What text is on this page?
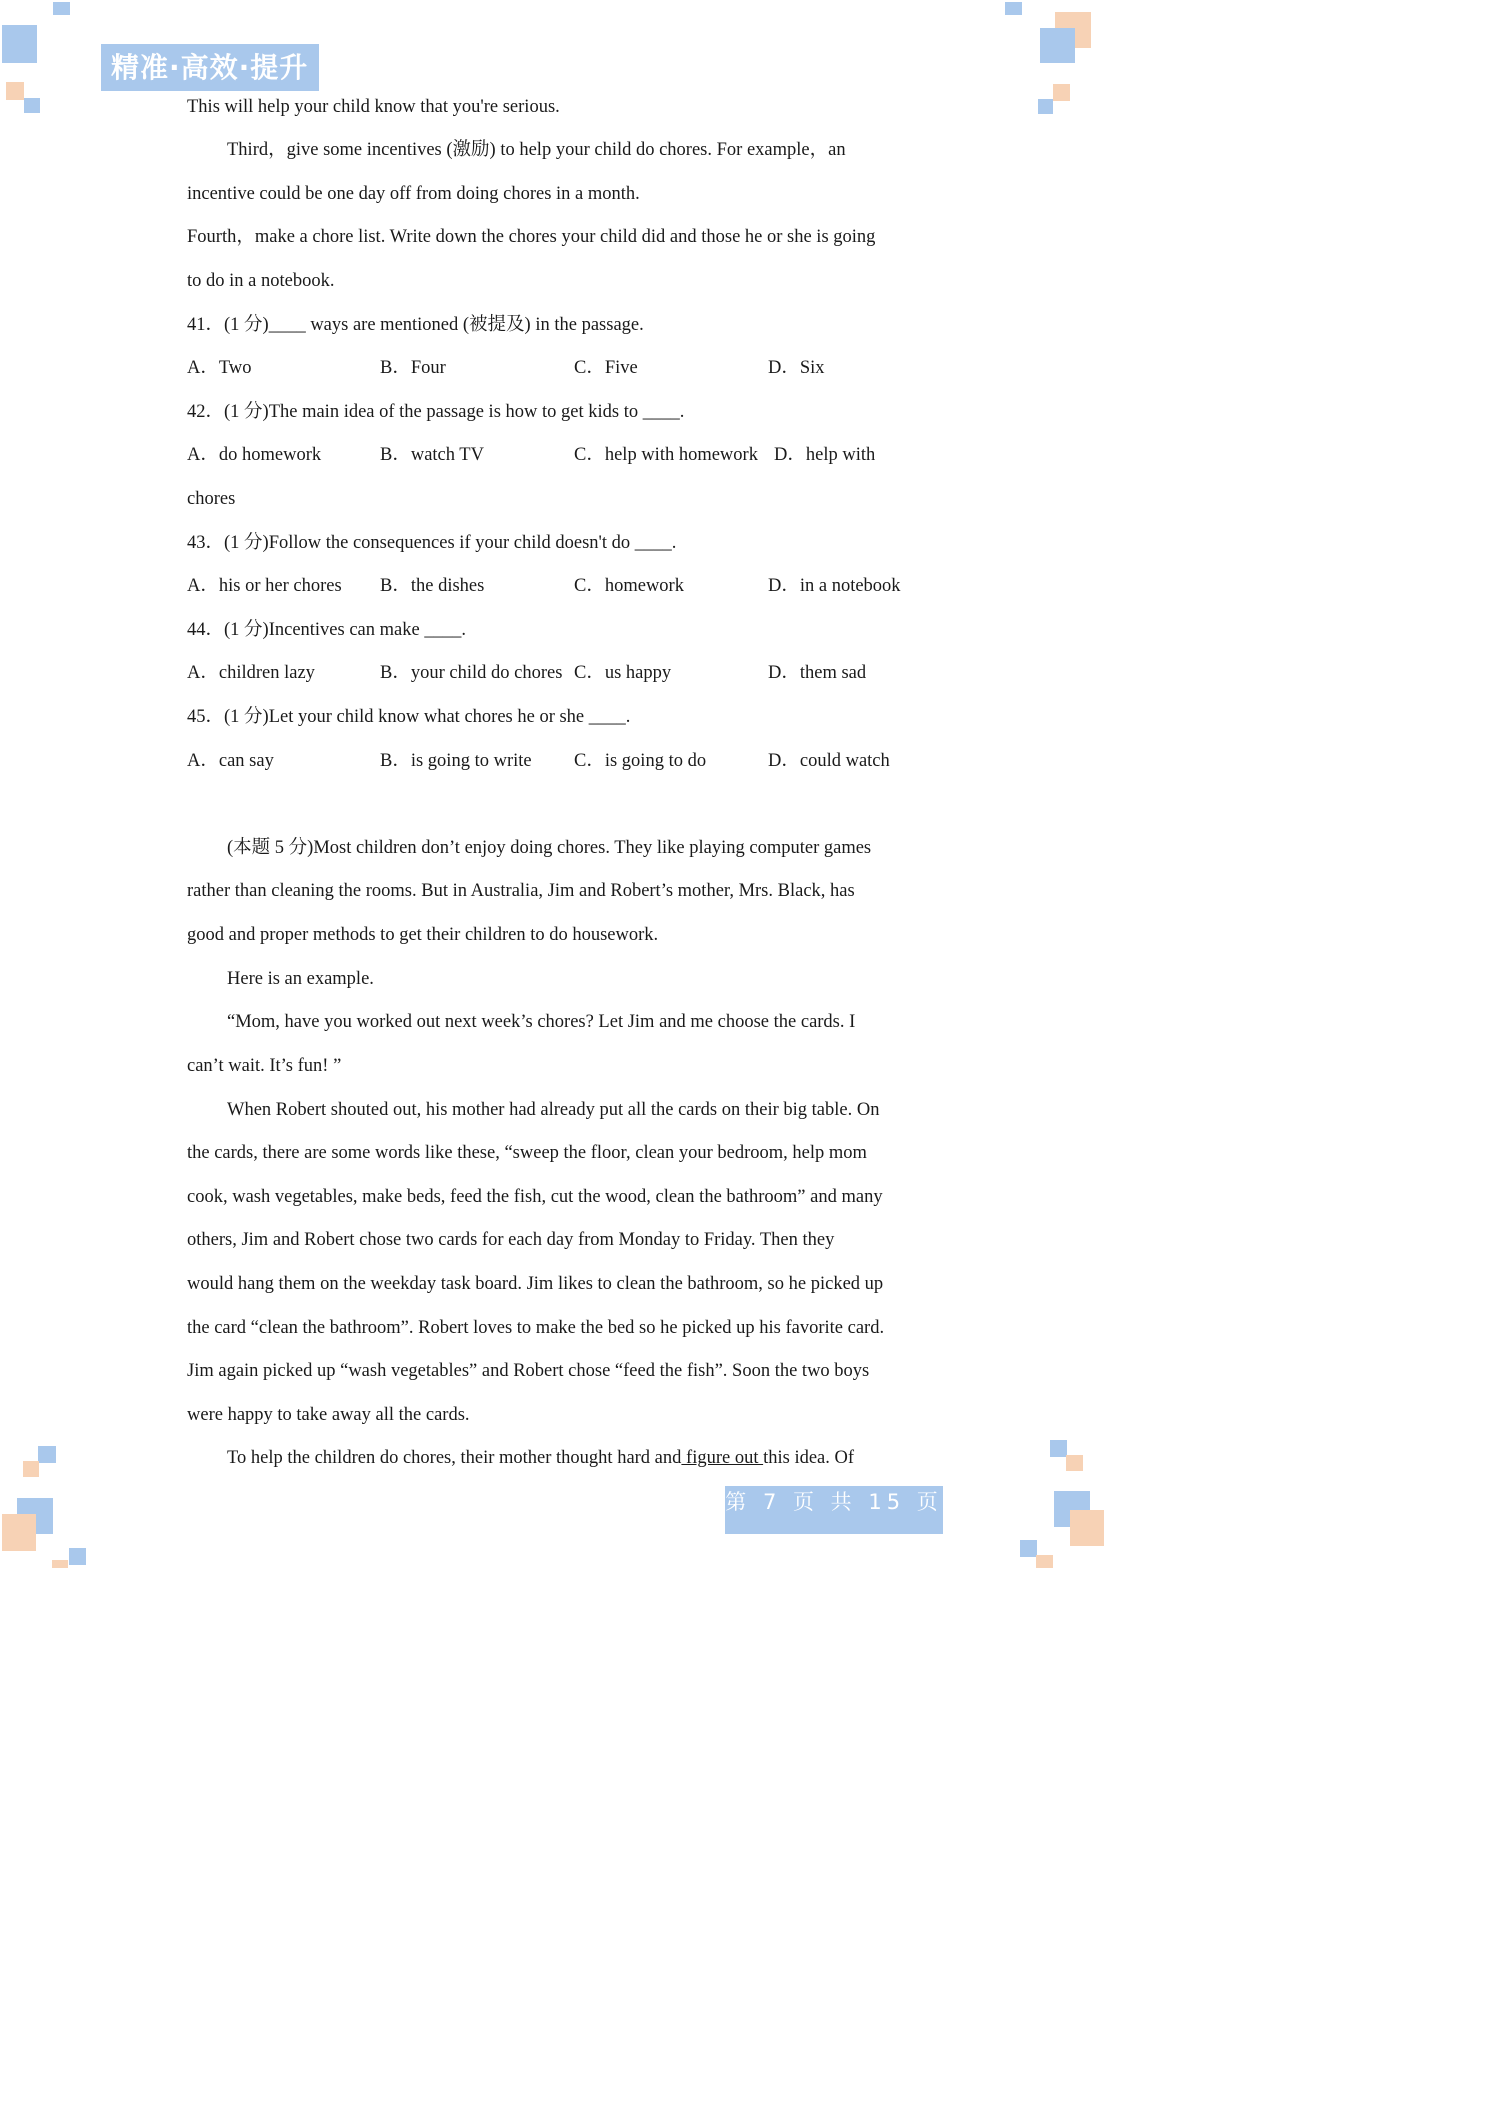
精准·高效·提升
This will help your child know that you're serious.
Third，give some incentives (激励) to help your child do chores. For example，an
incentive could be one day off from doing chores in a month.
Fourth，make a chore list. Write down the chores your child did and those he or she is going
to do in a notebook.
41．(1 分)____ ways are mentioned (被提及) in the passage.
A．Two	B．Four	C．Five	D．Six
42．(1 分)The main idea of the passage is how to get kids to ____.
A．do homework	B．watch TV	C．help with homework D．help with
chores
43．(1 分)Follow the consequences if your child doesn't do ____.
A．his or her chores B．the dishes	C．homework	D．in a notebook
44．(1 分)Incentives can make ____.
A．children lazy	B．your child do chores C．us happy	D．them sad
45．(1 分)Let your child know what chores he or she ____.
A．can say	B．is going to write C．is going to do	D．could watch
(本题 5 分)Most children don’t enjoy doing chores. They like playing computer games
rather than cleaning the rooms. But in Australia, Jim and Robert’s mother, Mrs. Black, has
good and proper methods to get their children to do housework.
Here is an example.
“Mom, have you worked out next week’s chores? Let Jim and me choose the cards. I
can’t wait. It’s fun! ”
When Robert shouted out, his mother had already put all the cards on their big table. On
the cards, there are some words like these, “sweep the floor, clean your bedroom, help mom
cook, wash vegetables, make beds, feed the fish, cut the wood, clean the bathroom” and many
others, Jim and Robert chose two cards for each day from Monday to Friday. Then they
would hang them on the weekday task board. Jim likes to clean the bathroom, so he picked up
the card “clean the bathroom”. Robert loves to make the bed so he picked up his favorite card.
Jim again picked up “wash vegetables” and Robert chose “feed the fish”. Soon the two boys
were happy to take away all the cards.
To help the children do chores, their mother thought hard and figure out this idea. Of
第 7 页 共 15 页
